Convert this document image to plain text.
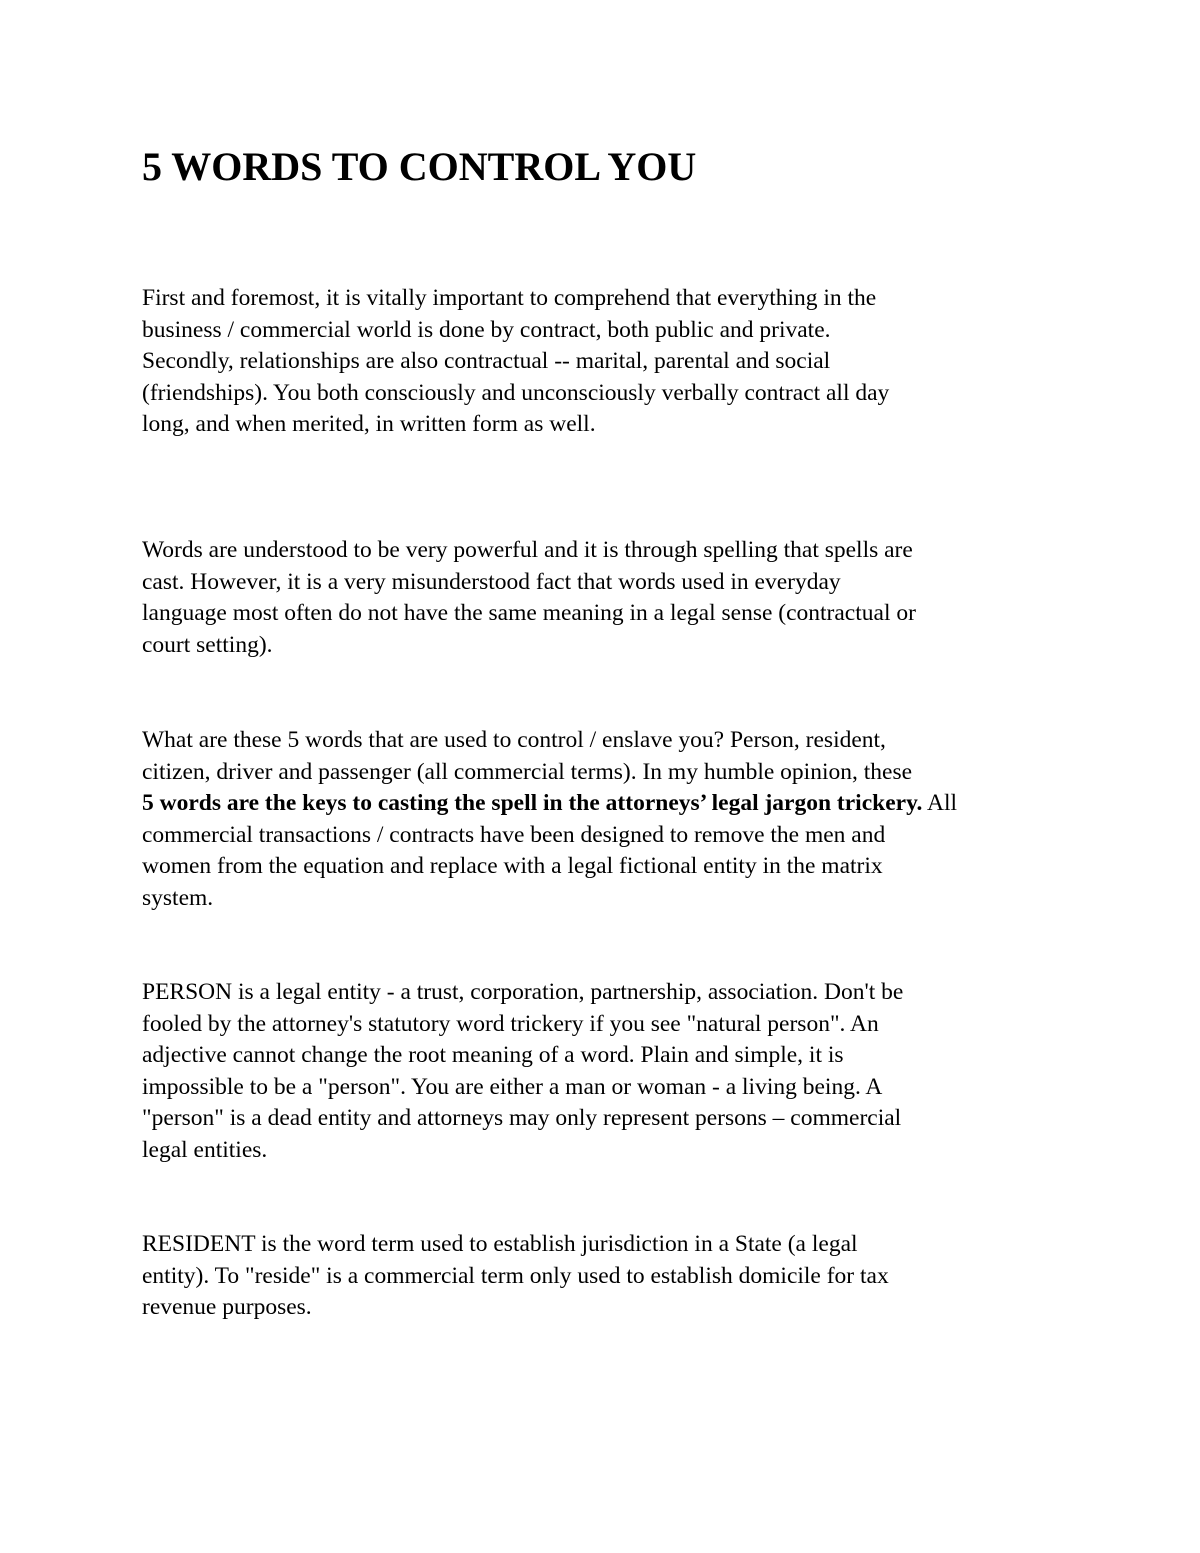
5 WORDS TO CONTROL YOU

First and foremost, it is vitally important to comprehend that everything in the
business / commercial world is done by contract, both public and private.
Secondly, relationships are also contractual -- marital, parental and social
(friendships). You both consciously and unconsciously verbally contract all day
long, and when merited, in written form as well.

Words are understood to be very powerful and it is through spelling that spells are
cast. However, it is a very misunderstood fact that words used in everyday
language most often do not have the same meaning in a legal sense (contractual or
court setting).

What are these 5 words that are used to control / enslave you? Person, resident,
citizen, driver and passenger (all commercial terms). In my humble opinion, these
5 words are the keys to casting the spell in the attorneys’ legal jargon trickery. All
commercial transactions / contracts have been designed to remove the men and
women from the equation and replace with a legal fictional entity in the matrix
system.

PERSON is a legal entity - a trust, corporation, partnership, association. Don't be
fooled by the attorney's statutory word trickery if you see "natural person". An
adjective cannot change the root meaning of a word. Plain and simple, it is
impossible to be a "person". You are either a man or woman - a living being. A
"person" is a dead entity and attorneys may only represent persons – commercial
legal entities.

RESIDENT is the word term used to establish jurisdiction in a State (a legal
entity). To "reside" is a commercial term only used to establish domicile for tax
revenue purposes.
